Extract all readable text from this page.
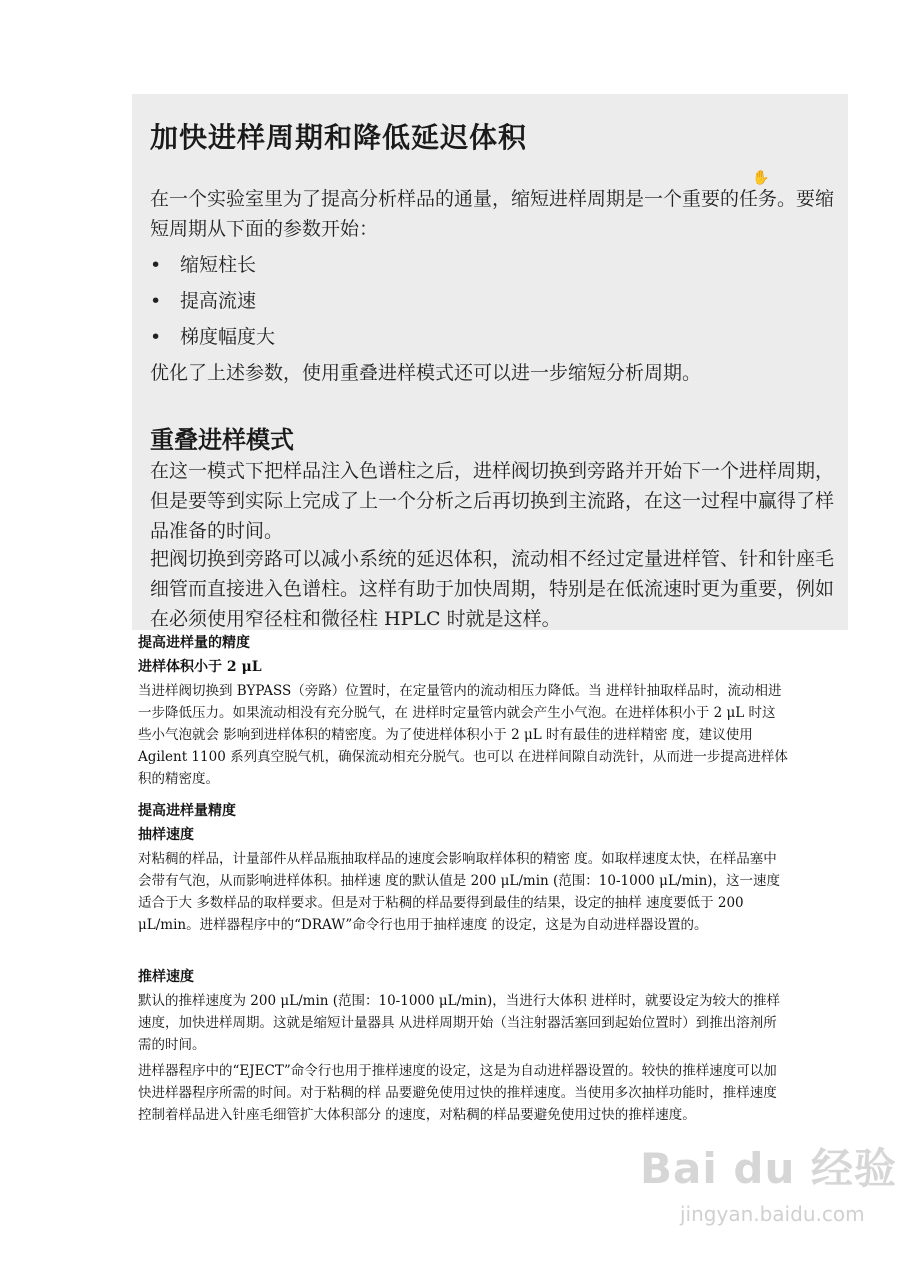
加快进样周期和降低延迟体积
✋
在一个实验室里为了提高分析样品的通量，缩短进样周期是一个重要的任务。要缩短周期从下面的参数开始：
• 缩短柱长
• 提高流速
• 梯度幅度大
优化了上述参数，使用重叠进样模式还可以进一步缩短分析周期。
重叠进样模式
在这一模式下把样品注入色谱柱之后，进样阀切换到旁路并开始下一个进样周期，但是要等到实际上完成了上一个分析之后再切换到主流路，在这一过程中赢得了样品准备的时间。
把阀切换到旁路可以减小系统的延迟体积，流动相不经过定量进样管、针和针座毛细管而直接进入色谱柱。这样有助于加快周期，特别是在低流速时更为重要，例如在必须使用窄径柱和微径柱 HPLC 时就是这样。
提高进样量的精度
进样体积小于 2 μL
当进样阀切换到 BYPASS（旁路）位置时，在定量管内的流动相压力降低。当 进样针抽取样品时，流动相进一步降低压力。如果流动相没有充分脱气，在 进样时定量管内就会产生小气泡。在进样体积小于 2 μL 时这些小气泡就会 影响到进样体积的精密度。为了使进样体积小于 2 μL 时有最佳的进样精密 度，建议使用 Agilent 1100 系列真空脱气机，确保流动相充分脱气。也可以 在进样间隙自动洗针，从而进一步提高进样体 积的精密度。
提高进样量精度
抽样速度
对粘稠的样品，计量部件从样品瓶抽取样品的速度会影响取样体积的精密 度。如取样速度太快，在样品塞中会带有气泡，从而影响进样体积。抽样速 度的默认值是 200 μL/min (范围：10-1000 μL/min)，这一速度适合于大 多数样品的取样要求。但是对于粘稠的样品要得到最佳的结果，设定的抽样 速度要低于 200 μL/min。进样器程序中的“DRAW”命令行也用于抽样速度 的设定，这是为自动进样器设置的。
推样速度
默认的推样速度为 200 μL/min (范围：10-1000 μL/min)，当进行大体积 进样时，就要设定为较大的推样速度，加快进样周期。这就是缩短计量器具 从进样周期开始（当注射器活塞回到起始位置时）到推出溶剂所需的时间。
进样器程序中的“EJECT”命令行也用于推样速度的设定，这是为自动进样器设置的。较快的推样速度可以加快进样器程序所需的时间。对于粘稠的样 品要避免使用过快的推样速度。当使用多次抽样功能时，推样速度控制着样品进入针座毛细管扩大体积部分 的速度，对粘稠的样品要避免使用过快的推样速度。
Bai du 经验
jingyan.baidu.com
